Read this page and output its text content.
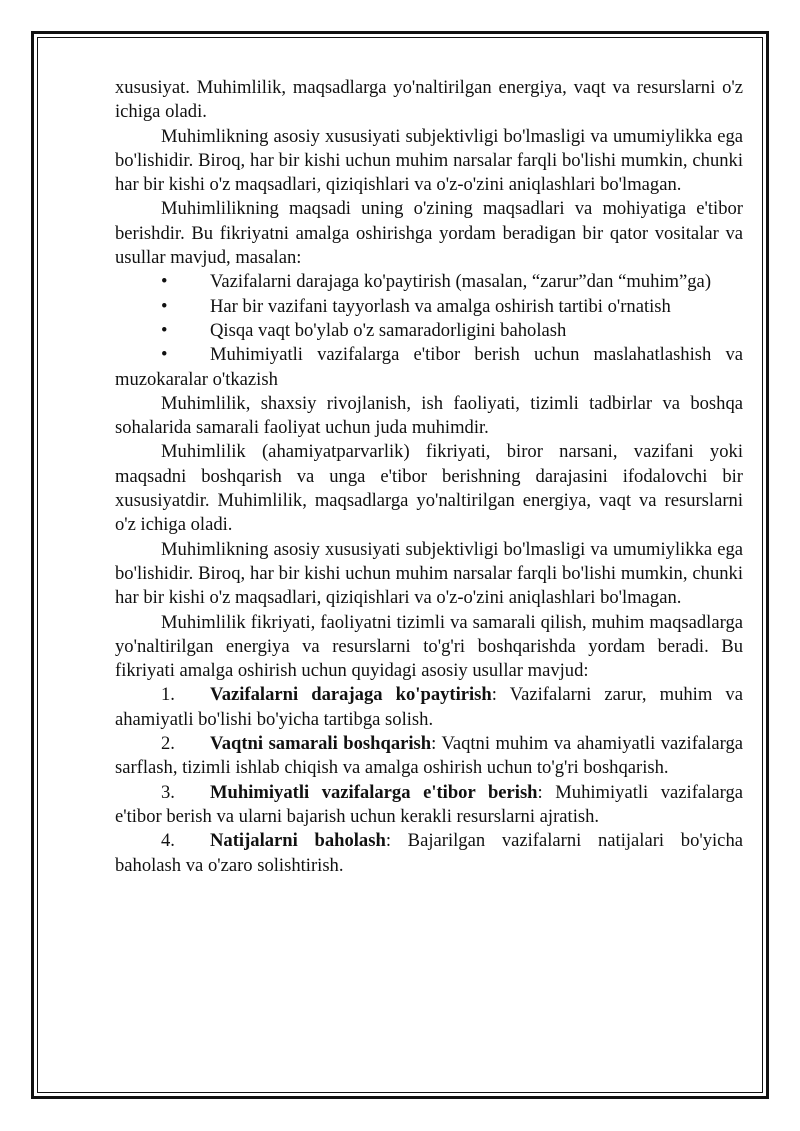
xususiyat. Muhimlilik, maqsadlarga yo'naltirilgan energiya, vaqt va resurslarni o'z ichiga oladi.

Muhimlikning asosiy xususiyati subjektivligi bo'lmasligi va umumiylikka ega bo'lishidir. Biroq, har bir kishi uchun muhim narsalar farqli bo'lishi mumkin, chunki har bir kishi o'z maqsadlari, qiziqishlari va o'z-o'zini aniqlashlari bo'lmagan.

Muhimlilikning maqsadi uning o'zining maqsadlari va mohiyatiga e'tibor berishdir. Bu fikriyatni amalga oshirishga yordam beradigan bir qator vositalar va usullar mavjud, masalan:

• Vazifalarni darajaga ko'paytirish (masalan, “zarur”dan “muhim”ga)

• Har bir vazifani tayyorlash va amalga oshirish tartibi o'rnatish

• Qisqa vaqt bo'ylab o'z samaradorligini baholash

• Muhimiyatli vazifalarga e'tibor berish uchun maslahatlashish va muzokaralar o'tkazish

Muhimlilik, shaxsiy rivojlanish, ish faoliyati, tizimli tadbirlar va boshqa sohalarida samarali faoliyat uchun juda muhimdir.

Muhimlilik (ahamiyatparvarlik) fikriyati, biror narsani, vazifani yoki maqsadni boshqarish va unga e'tibor berishning darajasini ifodalovchi bir xususiyatdir. Muhimlilik, maqsadlarga yo'naltirilgan energiya, vaqt va resurslarni o'z ichiga oladi.

Muhimlikning asosiy xususiyati subjektivligi bo'lmasligi va umumiylikka ega bo'lishidir. Biroq, har bir kishi uchun muhim narsalar farqli bo'lishi mumkin, chunki har bir kishi o'z maqsadlari, qiziqishlari va o'z-o'zini aniqlashlari bo'lmagan.

Muhimlilik fikriyati, faoliyatni tizimli va samarali qilish, muhim maqsadlarga yo'naltirilgan energiya va resurslarni to'g'ri boshqarishda yordam beradi. Bu fikriyati amalga oshirish uchun quyidagi asosiy usullar mavjud:

1. Vazifalarni darajaga ko'paytirish: Vazifalarni zarur, muhim va ahamiyatli bo'lishi bo'yicha tartibga solish.

2. Vaqtni samarali boshqarish: Vaqtni muhim va ahamiyatli vazifalarga sarflash, tizimli ishlab chiqish va amalga oshirish uchun to'g'ri boshqarish.

3. Muhimiyatli vazifalarga e'tibor berish: Muhimiyatli vazifalarga e'tibor berish va ularni bajarish uchun kerakli resurslarni ajratish.

4. Natijalarni baholash: Bajarilgan vazifalarni natijalari bo'yicha baholash va o'zaro solishtirish.
